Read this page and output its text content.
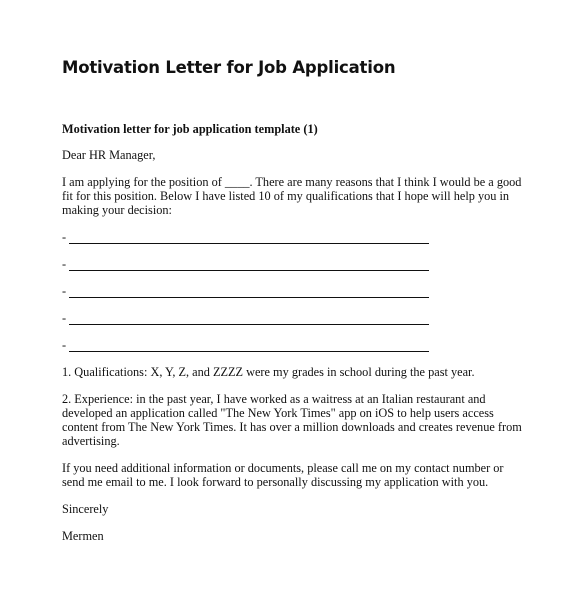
Motivation Letter for Job Application
Motivation letter for job application template (1)
Dear HR Manager,
I am applying for the position of ____. There are many reasons that I think I would be a good fit for this position. Below I have listed 10 of my qualifications that I hope will help you in making your decision:
-
-
-
-
-
1. Qualifications: X, Y, Z, and ZZZZ were my grades in school during the past year.
2. Experience: in the past year, I have worked as a waitress at an Italian restaurant and developed an application called "The New York Times" app on iOS to help users access content from The New York Times. It has over a million downloads and creates revenue from advertising.
If you need additional information or documents, please call me on my contact number or send me email to me. I look forward to personally discussing my application with you.
Sincerely
Mermen
